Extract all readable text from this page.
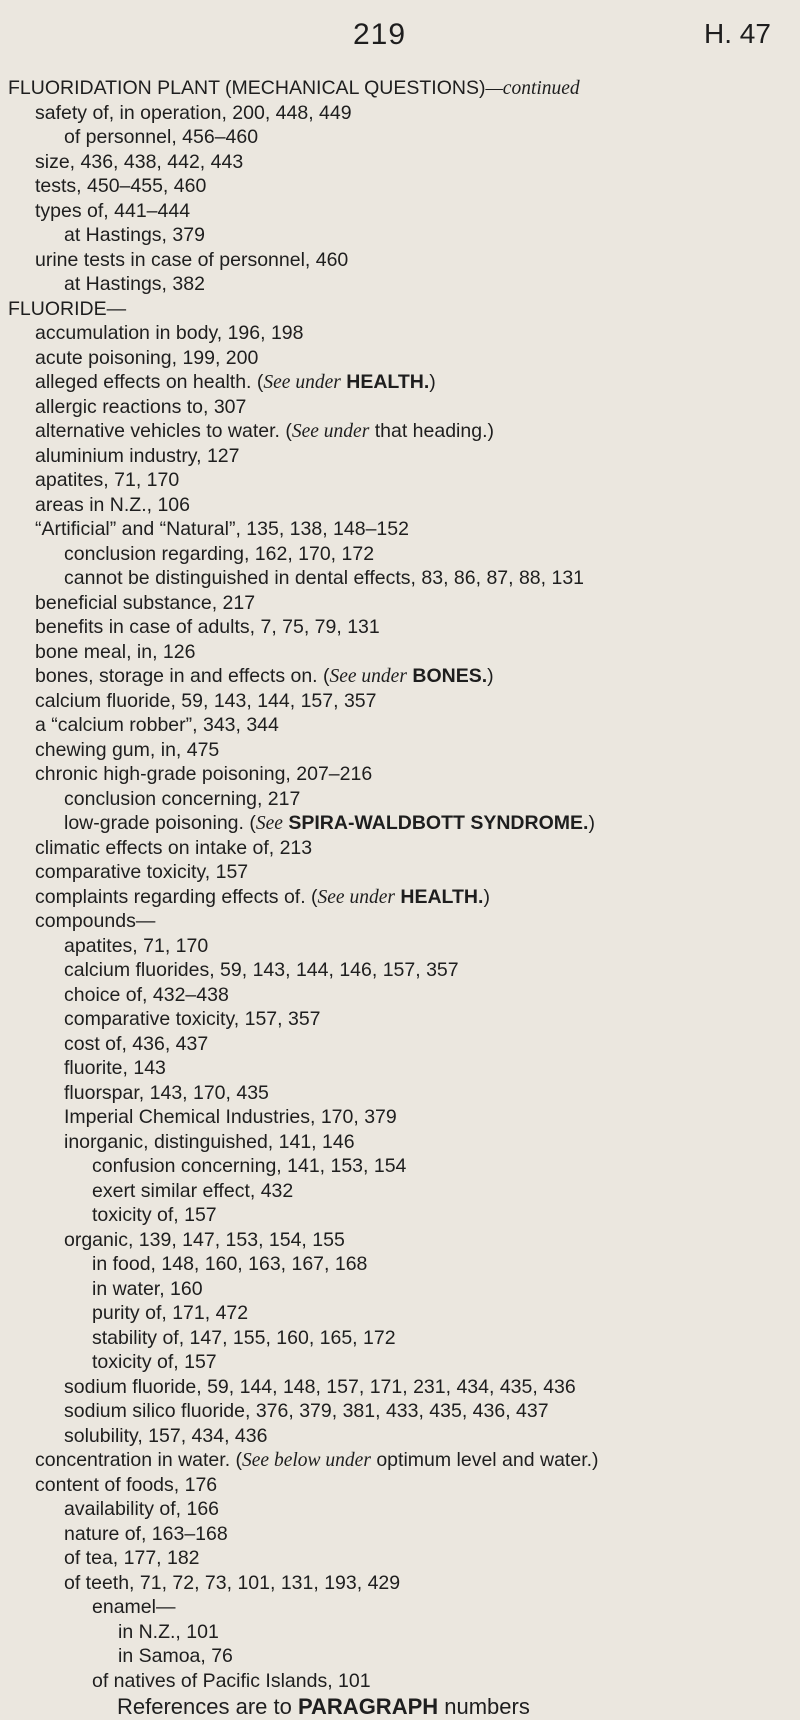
219	H. 47
FLUORIDATION PLANT (MECHANICAL QUESTIONS)—continued
safety of, in operation, 200, 448, 449
of personnel, 456–460
size, 436, 438, 442, 443
tests, 450–455, 460
types of, 441–444
at Hastings, 379
urine tests in case of personnel, 460
at Hastings, 382
FLUORIDE—
accumulation in body, 196, 198
acute poisoning, 199, 200
alleged effects on health. (See under HEALTH.)
allergic reactions to, 307
alternative vehicles to water. (See under that heading.)
aluminium industry, 127
apatites, 71, 170
areas in N.Z., 106
“Artificial” and “Natural”, 135, 138, 148–152
conclusion regarding, 162, 170, 172
cannot be distinguished in dental effects, 83, 86, 87, 88, 131
beneficial substance, 217
benefits in case of adults, 7, 75, 79, 131
bone meal, in, 126
bones, storage in and effects on. (See under BONES.)
calcium fluoride, 59, 143, 144, 157, 357
a “calcium robber”, 343, 344
chewing gum, in, 475
chronic high-grade poisoning, 207–216
conclusion concerning, 217
low-grade poisoning. (See SPIRA-WALDBOTT SYNDROME.)
climatic effects on intake of, 213
comparative toxicity, 157
complaints regarding effects of. (See under HEALTH.)
compounds—
apatites, 71, 170
calcium fluorides, 59, 143, 144, 146, 157, 357
choice of, 432–438
comparative toxicity, 157, 357
cost of, 436, 437
fluorite, 143
fluorspar, 143, 170, 435
Imperial Chemical Industries, 170, 379
inorganic, distinguished, 141, 146
confusion concerning, 141, 153, 154
exert similar effect, 432
toxicity of, 157
organic, 139, 147, 153, 154, 155
in food, 148, 160, 163, 167, 168
in water, 160
purity of, 171, 472
stability of, 147, 155, 160, 165, 172
toxicity of, 157
sodium fluoride, 59, 144, 148, 157, 171, 231, 434, 435, 436
sodium silico fluoride, 376, 379, 381, 433, 435, 436, 437
solubility, 157, 434, 436
concentration in water. (See below under optimum level and water.)
content of foods, 176
availability of, 166
nature of, 163–168
of tea, 177, 182
of teeth, 71, 72, 73, 101, 131, 193, 429
enamel—
in N.Z., 101
in Samoa, 76
of natives of Pacific Islands, 101
References are to PARAGRAPH numbers
